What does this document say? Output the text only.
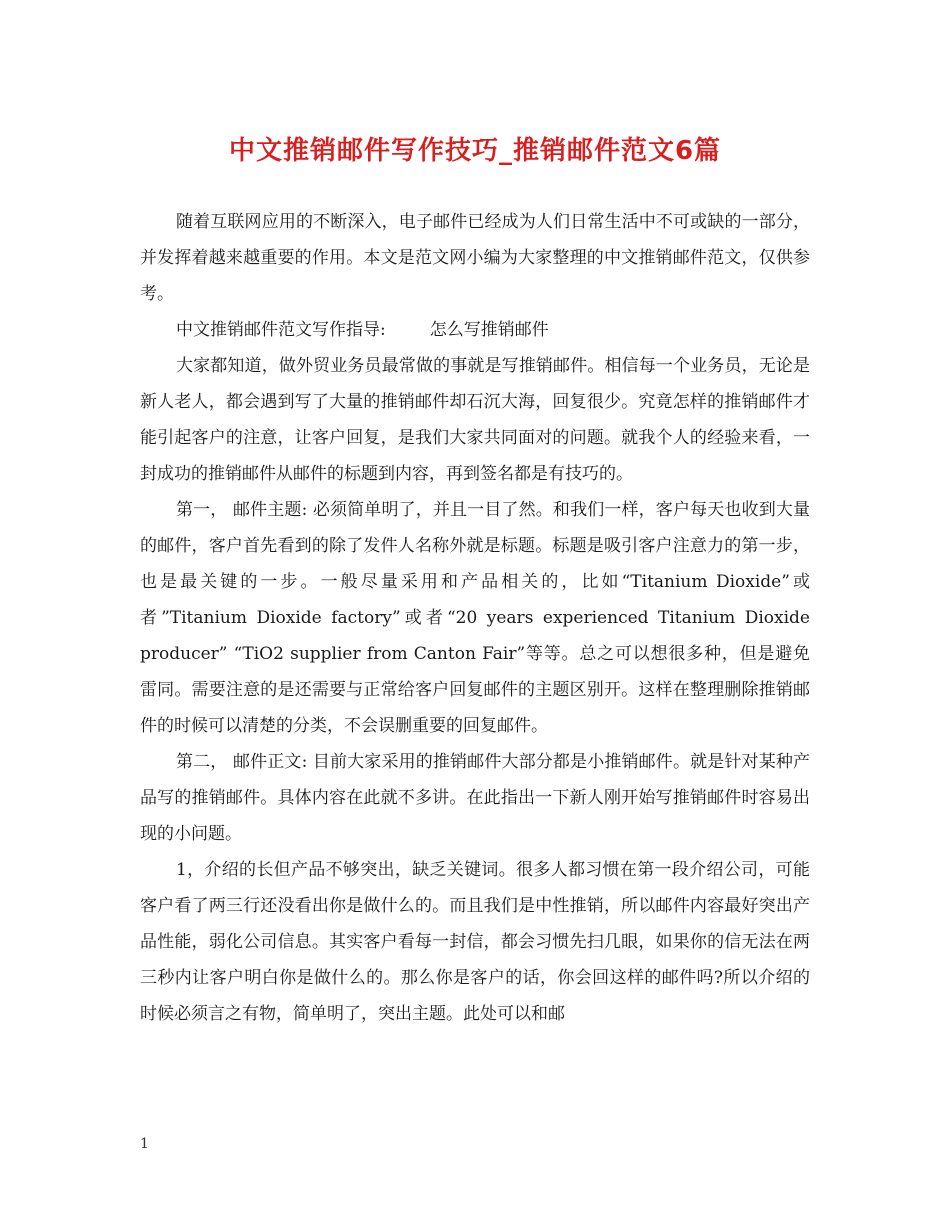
中文推销邮件写作技巧_推销邮件范文6篇

随着互联网应用的不断深入，电子邮件已经成为人们日常生活中不可或缺的一部分，并发挥着越来越重要的作用。本文是范文网小编为大家整理的中文推销邮件范文，仅供参考。

中文推销邮件范文写作指导:	怎么写推销邮件

大家都知道，做外贸业务员最常做的事就是写推销邮件。相信每一个业务员，无论是新人老人，都会遇到写了大量的推销邮件却石沉大海，回复很少。究竟怎样的推销邮件才能引起客户的注意，让客户回复，是我们大家共同面对的问题。就我个人的经验来看，一封成功的推销邮件从邮件的标题到内容，再到签名都是有技巧的。

第一， 邮件主题: 必须简单明了，并且一目了然。和我们一样，客户每天也收到大量的邮件，客户首先看到的除了发件人名称外就是标题。标题是吸引客户注意力的第一步，也是最关键的一步。一般尽量采用和产品相关的，比如“Titanium Dioxide”或者”Titanium Dioxide factory”或者“20 years experienced Titanium Dioxide producer” “TiO2 supplier from Canton Fair”等等。总之可以想很多种，但是避免雷同。需要注意的是还需要与正常给客户回复邮件的主题区别开。这样在整理删除推销邮件的时候可以清楚的分类，不会误删重要的回复邮件。

第二， 邮件正文: 目前大家采用的推销邮件大部分都是小推销邮件。就是针对某种产品写的推销邮件。具体内容在此就不多讲。在此指出一下新人刚开始写推销邮件时容易出现的小问题。

1，介绍的长但产品不够突出，缺乏关键词。很多人都习惯在第一段介绍公司，可能客户看了两三行还没看出你是做什么的。而且我们是中性推销，所以邮件内容最好突出产品性能，弱化公司信息。其实客户看每一封信，都会习惯先扫几眼，如果你的信无法在两三秒内让客户明白你是做什么的。那么你是客户的话，你会回这样的邮件吗?所以介绍的时候必须言之有物，简单明了，突出主题。此处可以和邮

1
